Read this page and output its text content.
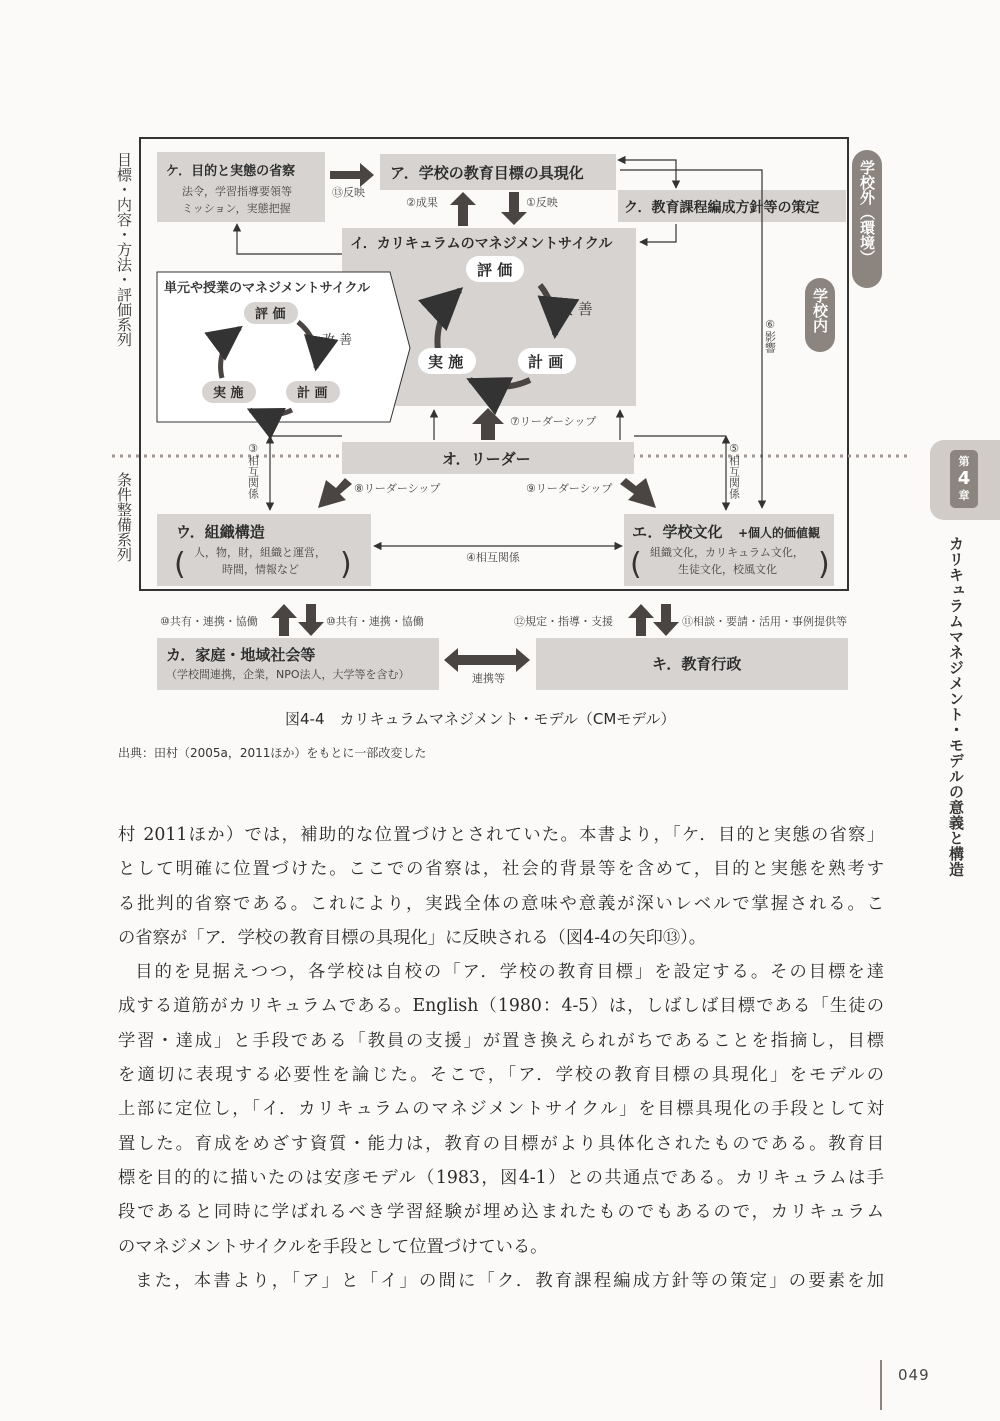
目標・内容・方法・評価系列
条件整備系列
学校外（環境）
学校内
ケ．目的と実態の省察
法令，学習指導要領等
ミッション，実態把握
⑬反映
ア．学校の教育目標の具現化
ク．教育課程編成方針等の策定
⑥影響
②成果	①反映
イ．カリキュラムのマネジメントサイクル
評 価
改 善
計 画
実 施
単元や授業のマネジメントサイクル
評 価
改 善
計 画
実 施
⑦リーダーシップ
オ．リーダー
③相互関係	⑤相互関係
⑧リーダーシップ	⑨リーダーシップ
ウ．組織構造
( 人，物，財，組織と運営，
時間，情報など )	④相互関係
エ．学校文化 +個人的価値観
( 組織文化，カリキュラム文化，
生徒文化，校風文化 )
⑩共有・連携・協働	⑩共有・連携・協働	⑫規定・指導・支援	⑪相談・要請・活用・事例提供等
カ．家庭・地域社会等
（学校間連携，企業，NPO法人，大学等を含む）	連携等
キ．教育行政
図4-4　カリキュラムマネジメント・モデル（CMモデル）
出典：田村（2005a，2011ほか）をもとに一部改変した

村 2011ほか）では，補助的な位置づけとされていた。本書より，「ケ．目的と実態の省察」

として明確に位置づけた。ここでの省察は，社会的背景等を含めて，目的と実態を熟考す

る批判的省察である。これにより，実践全体の意味や意義が深いレベルで掌握される。こ

の省察が「ア．学校の教育目標の具現化」に反映される（図4-4の矢印⑬）。

目的を見据えつつ，各学校は自校の「ア．学校の教育目標」を設定する。その目標を達

成する道筋がカリキュラムである。English（1980：4-5）は，しばしば目標である「生徒の

学習・達成」と手段である「教員の支援」が置き換えられがちであることを指摘し，目標

を適切に表現する必要性を論じた。そこで，「ア．学校の教育目標の具現化」をモデルの

上部に定位し，「イ．カリキュラムのマネジメントサイクル」を目標具現化の手段として対

置した。育成をめざす資質・能力は，教育の目標がより具体化されたものである。教育目

標を目的的に描いたのは安彦モデル（1983，図4-1）との共通点である。カリキュラムは手

段であると同時に学ばれるべき学習経験が埋め込まれたものでもあるので，カリキュラム

のマネジメントサイクルを手段として位置づけている。

また，本書より，「ア」と「イ」の間に「ク．教育課程編成方針等の策定」の要素を加

第
4
章
カリキュラムマネジメント・モデルの意義と構造
049
